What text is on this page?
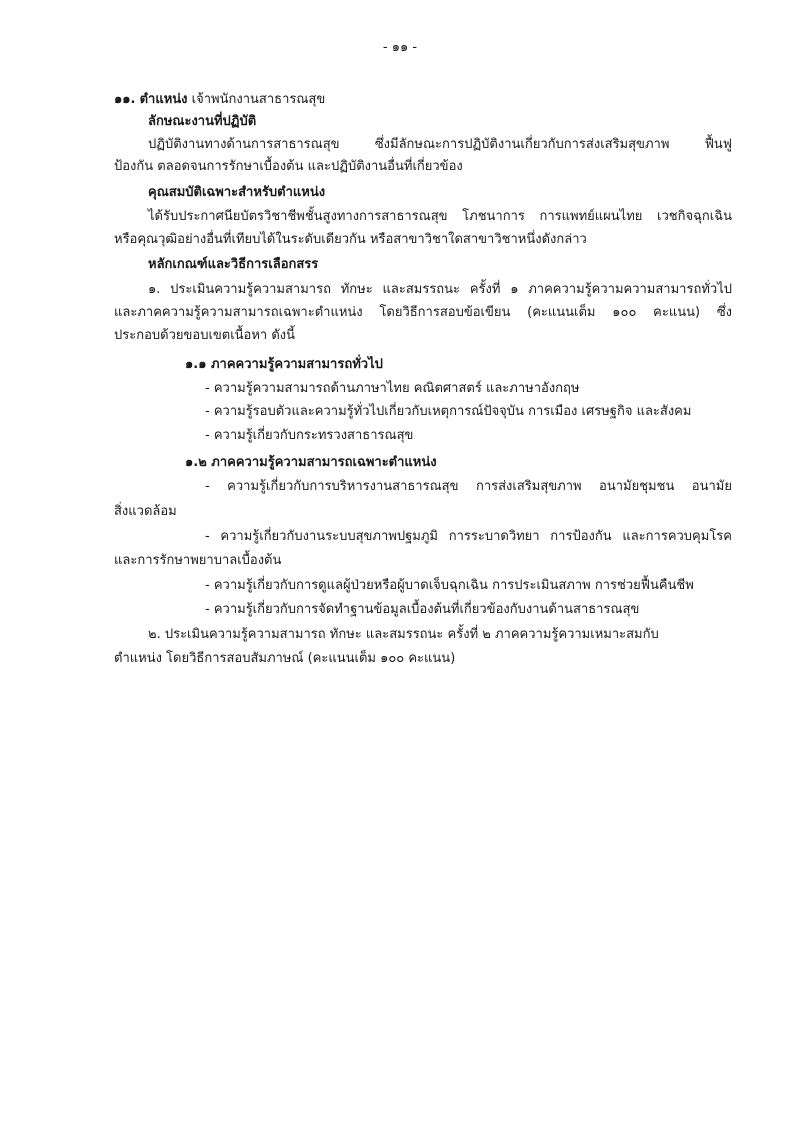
- ๑๑ -
๑๑. ตำแหน่ง เจ้าพนักงานสาธารณสุข
ลักษณะงานที่ปฏิบัติ
ปฏิบัติงานทางด้านการสาธารณสุข ซึ่งมีลักษณะการปฏิบัติงานเกี่ยวกับการส่งเสริมสุขภาพ ฟื้นฟู
ป้องกัน ตลอดจนการรักษาเบื้องต้น และปฏิบัติงานอื่นที่เกี่ยวข้อง
คุณสมบัติเฉพาะสำหรับตำแหน่ง
ได้รับประกาศนียบัตรวิชาชีพชั้นสูงทางการสาธารณสุข โภชนาการ การแพทย์แผนไทย เวชกิจฉุกเฉิน
หรือคุณวุฒิอย่างอื่นที่เทียบได้ในระดับเดียวกัน หรือสาขาวิชาใดสาขาวิชาหนึ่งดังกล่าว
หลักเกณฑ์และวิธีการเลือกสรร
๑. ประเมินความรู้ความสามารถ ทักษะ และสมรรถนะ ครั้งที่ ๑ ภาคความรู้ความความสามารถทั่วไป
และภาคความรู้ความสามารถเฉพาะตำแหน่ง โดยวิธีการสอบข้อเขียน (คะแนนเต็ม ๑๐๐ คะแนน) ซึ่ง
ประกอบด้วยขอบเขตเนื้อหา ดังนี้
๑.๑ ภาคความรู้ความสามารถทั่วไป
- ความรู้ความสามารถด้านภาษาไทย คณิตศาสตร์ และภาษาอังกฤษ
- ความรู้รอบตัวและความรู้ทั่วไปเกี่ยวกับเหตุการณ์ปัจจุบัน การเมือง เศรษฐกิจ และสังคม
- ความรู้เกี่ยวกับกระทรวงสาธารณสุข
๑.๒ ภาคความรู้ความสามารถเฉพาะตำแหน่ง
- ความรู้เกี่ยวกับการบริหารงานสาธารณสุข การส่งเสริมสุขภาพ อนามัยชุมชน อนามัย
สิ่งแวดล้อม
- ความรู้เกี่ยวกับงานระบบสุขภาพปฐมภูมิ การระบาดวิทยา การป้องกัน และการควบคุมโรค
และการรักษาพยาบาลเบื้องต้น
- ความรู้เกี่ยวกับการดูแลผู้ป่วยหรือผู้บาดเจ็บฉุกเฉิน การประเมินสภาพ การช่วยฟื้นคืนชีพ
- ความรู้เกี่ยวกับการจัดทำฐานข้อมูลเบื้องต้นที่เกี่ยวข้องกับงานด้านสาธารณสุข
๒. ประเมินความรู้ความสามารถ ทักษะ และสมรรถนะ ครั้งที่ ๒ ภาคความรู้ความเหมาะสมกับ
ตำแหน่ง โดยวิธีการสอบสัมภาษณ์ (คะแนนเต็ม ๑๐๐ คะแนน)
